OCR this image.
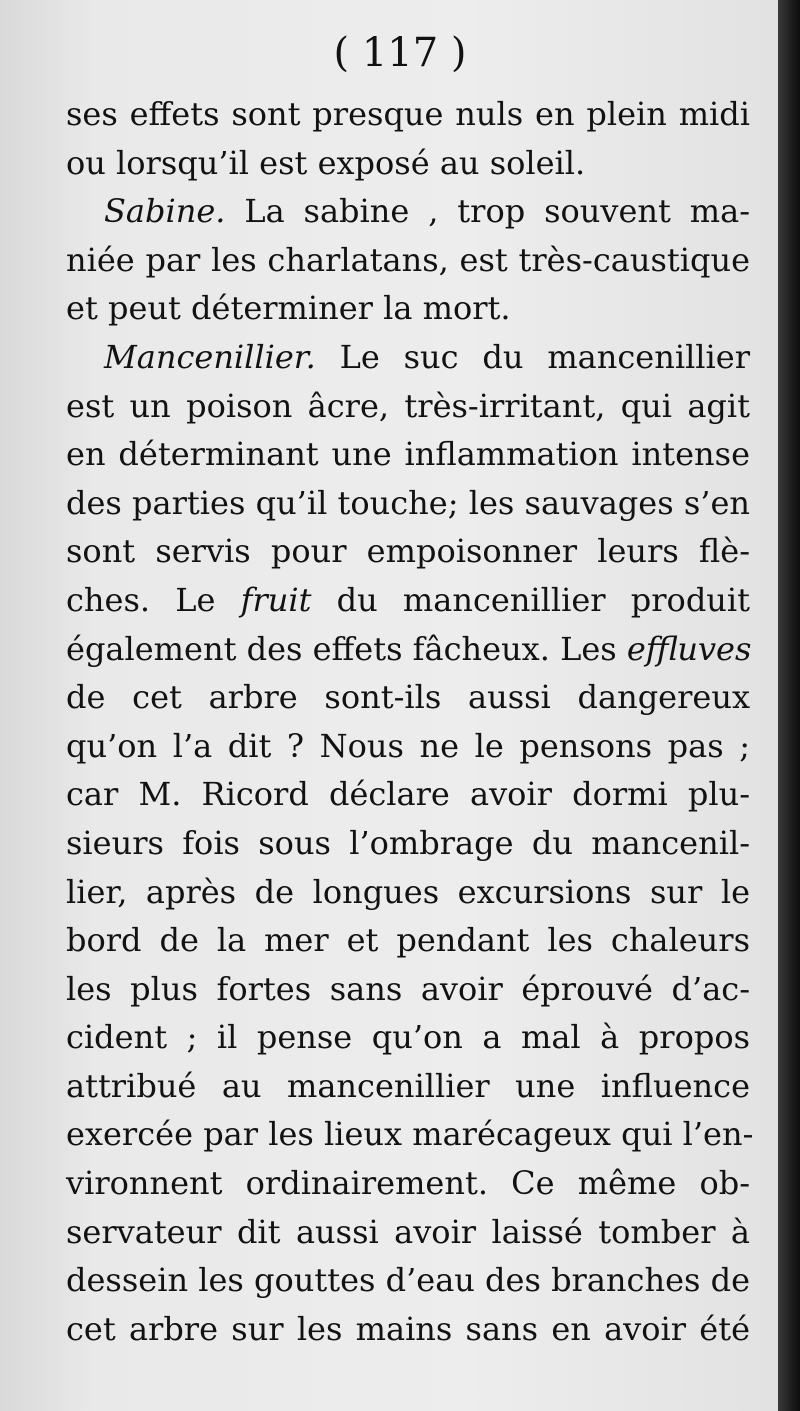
( 117 )
ses effets sont presque nuls en plein midi
ou lorsqu’il est exposé au soleil.
Sabine. La sabine , trop souvent ma-
niée par les charlatans, est très-caustique
et peut déterminer la mort.
Mancenillier. Le suc du mancenillier
est un poison âcre, très-irritant, qui agit
en déterminant une inflammation intense
des parties qu’il touche; les sauvages s’en
sont servis pour empoisonner leurs flè-
ches. Le fruit du mancenillier produit
également des effets fâcheux. Les effluves
de cet arbre sont-ils aussi dangereux
qu’on l’a dit ? Nous ne le pensons pas ;
car M. Ricord déclare avoir dormi plu-
sieurs fois sous l’ombrage du mancenil-
lier, après de longues excursions sur le
bord de la mer et pendant les chaleurs
les plus fortes sans avoir éprouvé d’ac-
cident ; il pense qu’on a mal à propos
attribué au mancenillier une influence
exercée par les lieux marécageux qui l’en-
vironnent ordinairement. Ce même ob-
servateur dit aussi avoir laissé tomber à
dessein les gouttes d’eau des branches de
cet arbre sur les mains sans en avoir été
